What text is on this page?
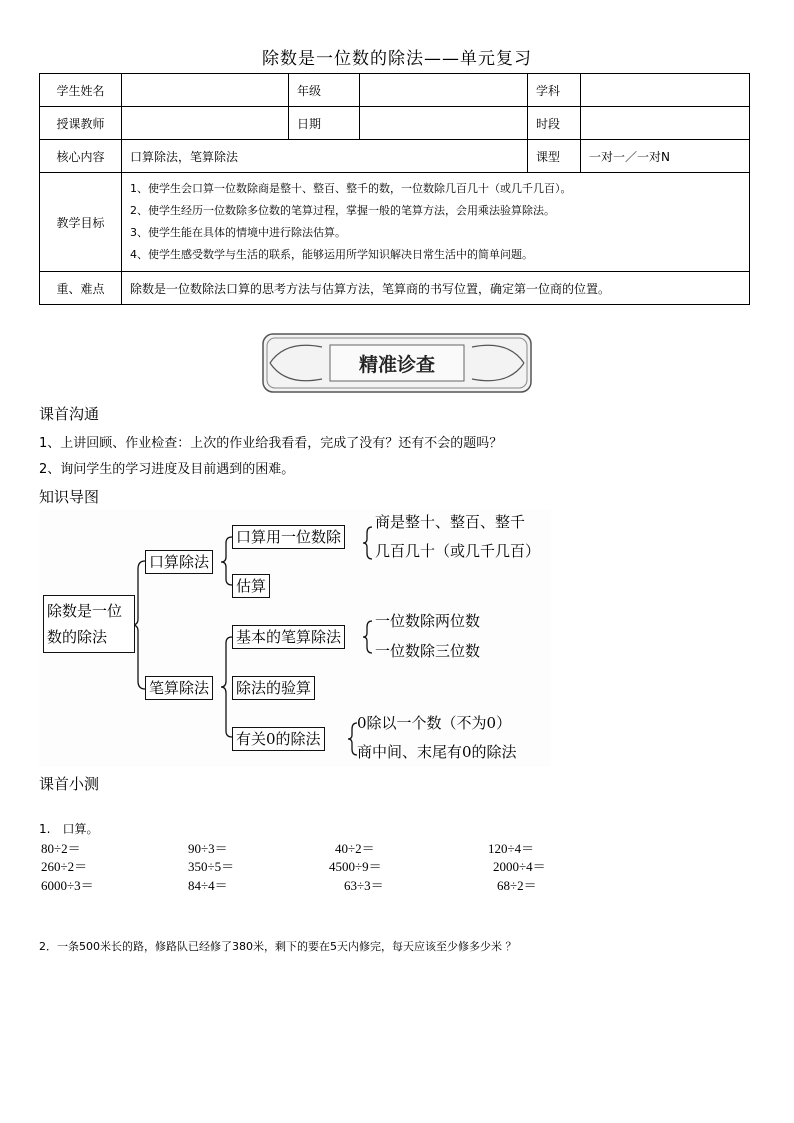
除数是一位数的除法——单元复习
学生姓名		年级		学科	
授课教师		日期		时段	
核心内容	口算除法，笔算除法			课型	一对一／一对N
教学目标	1、使学生会口算一位数除商是整十、整百、整千的数，一位数除几百几十（或几千几百）。
2、使学生经历一位数除多位数的笔算过程，掌握一般的笔算方法，会用乘法验算除法。
3、使学生能在具体的情境中进行除法估算。
4、使学生感受数学与生活的联系，能够运用所学知识解决日常生活中的简单问题。				

重、难点	除数是一位数除法口算的思考方法与估算方法，笔算商的书写位置，确定第一位商的位置。				
精准诊查
课首沟通
1、上讲回顾、作业检查：上次的作业给我看看，完成了没有？还有不会的题吗？
2、询问学生的学习进度及目前遇到的困难。
知识导图
除数是一位
数的除法
口算除法
口算用一位数除
商是整十、整百、整千
几百几十（或几千几百）
估算
笔算除法
基本的笔算除法
一位数除两位数
一位数除三位数
除法的验算
有关0的除法
0除以一个数（不为0）
商中间、末尾有0的除法
课首小测
1.　口算。
80÷2＝	90÷3＝	40÷2＝	120÷4＝
260÷2＝	350÷5＝	4500÷9＝	2000÷4＝
6000÷3＝	84÷4＝	63÷3＝	68÷2＝
2．一条500米长的路，修路队已经修了380米，剩下的要在5天内修完，每天应该至少修多少米 ？
